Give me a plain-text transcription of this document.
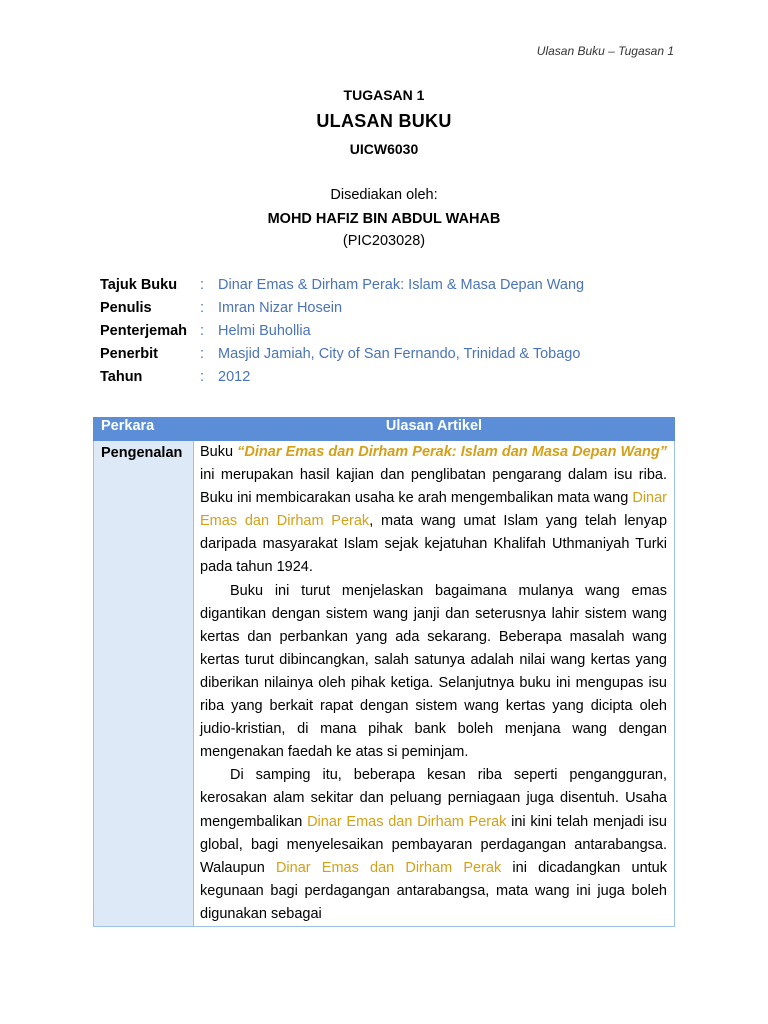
Ulasan Buku – Tugasan 1

TUGASAN 1

ULASAN BUKU

UICW6030

Disediakan oleh:
MOHD HAFIZ BIN ABDUL WAHAB
(PIC203028)
Tajuk Buku	: Dinar Emas & Dirham Perak: Islam & Masa Depan Wang
Penulis	: Imran Nizar Hosein
Penterjemah : Helmi Buhollia
Penerbit	: Masjid Jamiah, City of San Fernando, Trinidad & Tobago
Tahun	: 2012
Perkara	Ulasan Artikel
Pengenalan	Buku “Dinar Emas dan Dirham Perak: Islam dan Masa Depan Wang” ini merupakan hasil kajian dan penglibatan pengarang dalam isu riba. Buku ini membicarakan usaha ke arah mengembalikan mata wang Dinar Emas dan Dirham Perak, mata wang umat Islam yang telah lenyap daripada masyarakat Islam sejak kejatuhan Khalifah Uthmaniyah Turki pada tahun 1924.

Buku ini turut menjelaskan bagaimana mulanya wang emas digantikan dengan sistem wang janji dan seterusnya lahir sistem wang kertas dan perbankan yang ada sekarang. Beberapa masalah wang kertas turut dibincangkan, salah satunya adalah nilai wang kertas yang diberikan nilainya oleh pihak ketiga. Selanjutnya buku ini mengupas isu riba yang berkait rapat dengan sistem wang kertas yang dicipta oleh judio-kristian, di mana pihak bank boleh menjana wang dengan mengenakan faedah ke atas si peminjam.

Di samping itu, beberapa kesan riba seperti pengangguran, kerosakan alam sekitar dan peluang perniagaan juga disentuh. Usaha mengembalikan Dinar Emas dan Dirham Perak ini kini telah menjadi isu global, bagi menyelesaikan pembayaran perdagangan antarabangsa. Walaupun Dinar Emas dan Dirham Perak ini dicadangkan untuk kegunaan bagi perdagangan antarabangsa, mata wang ini juga boleh digunakan sebagai
